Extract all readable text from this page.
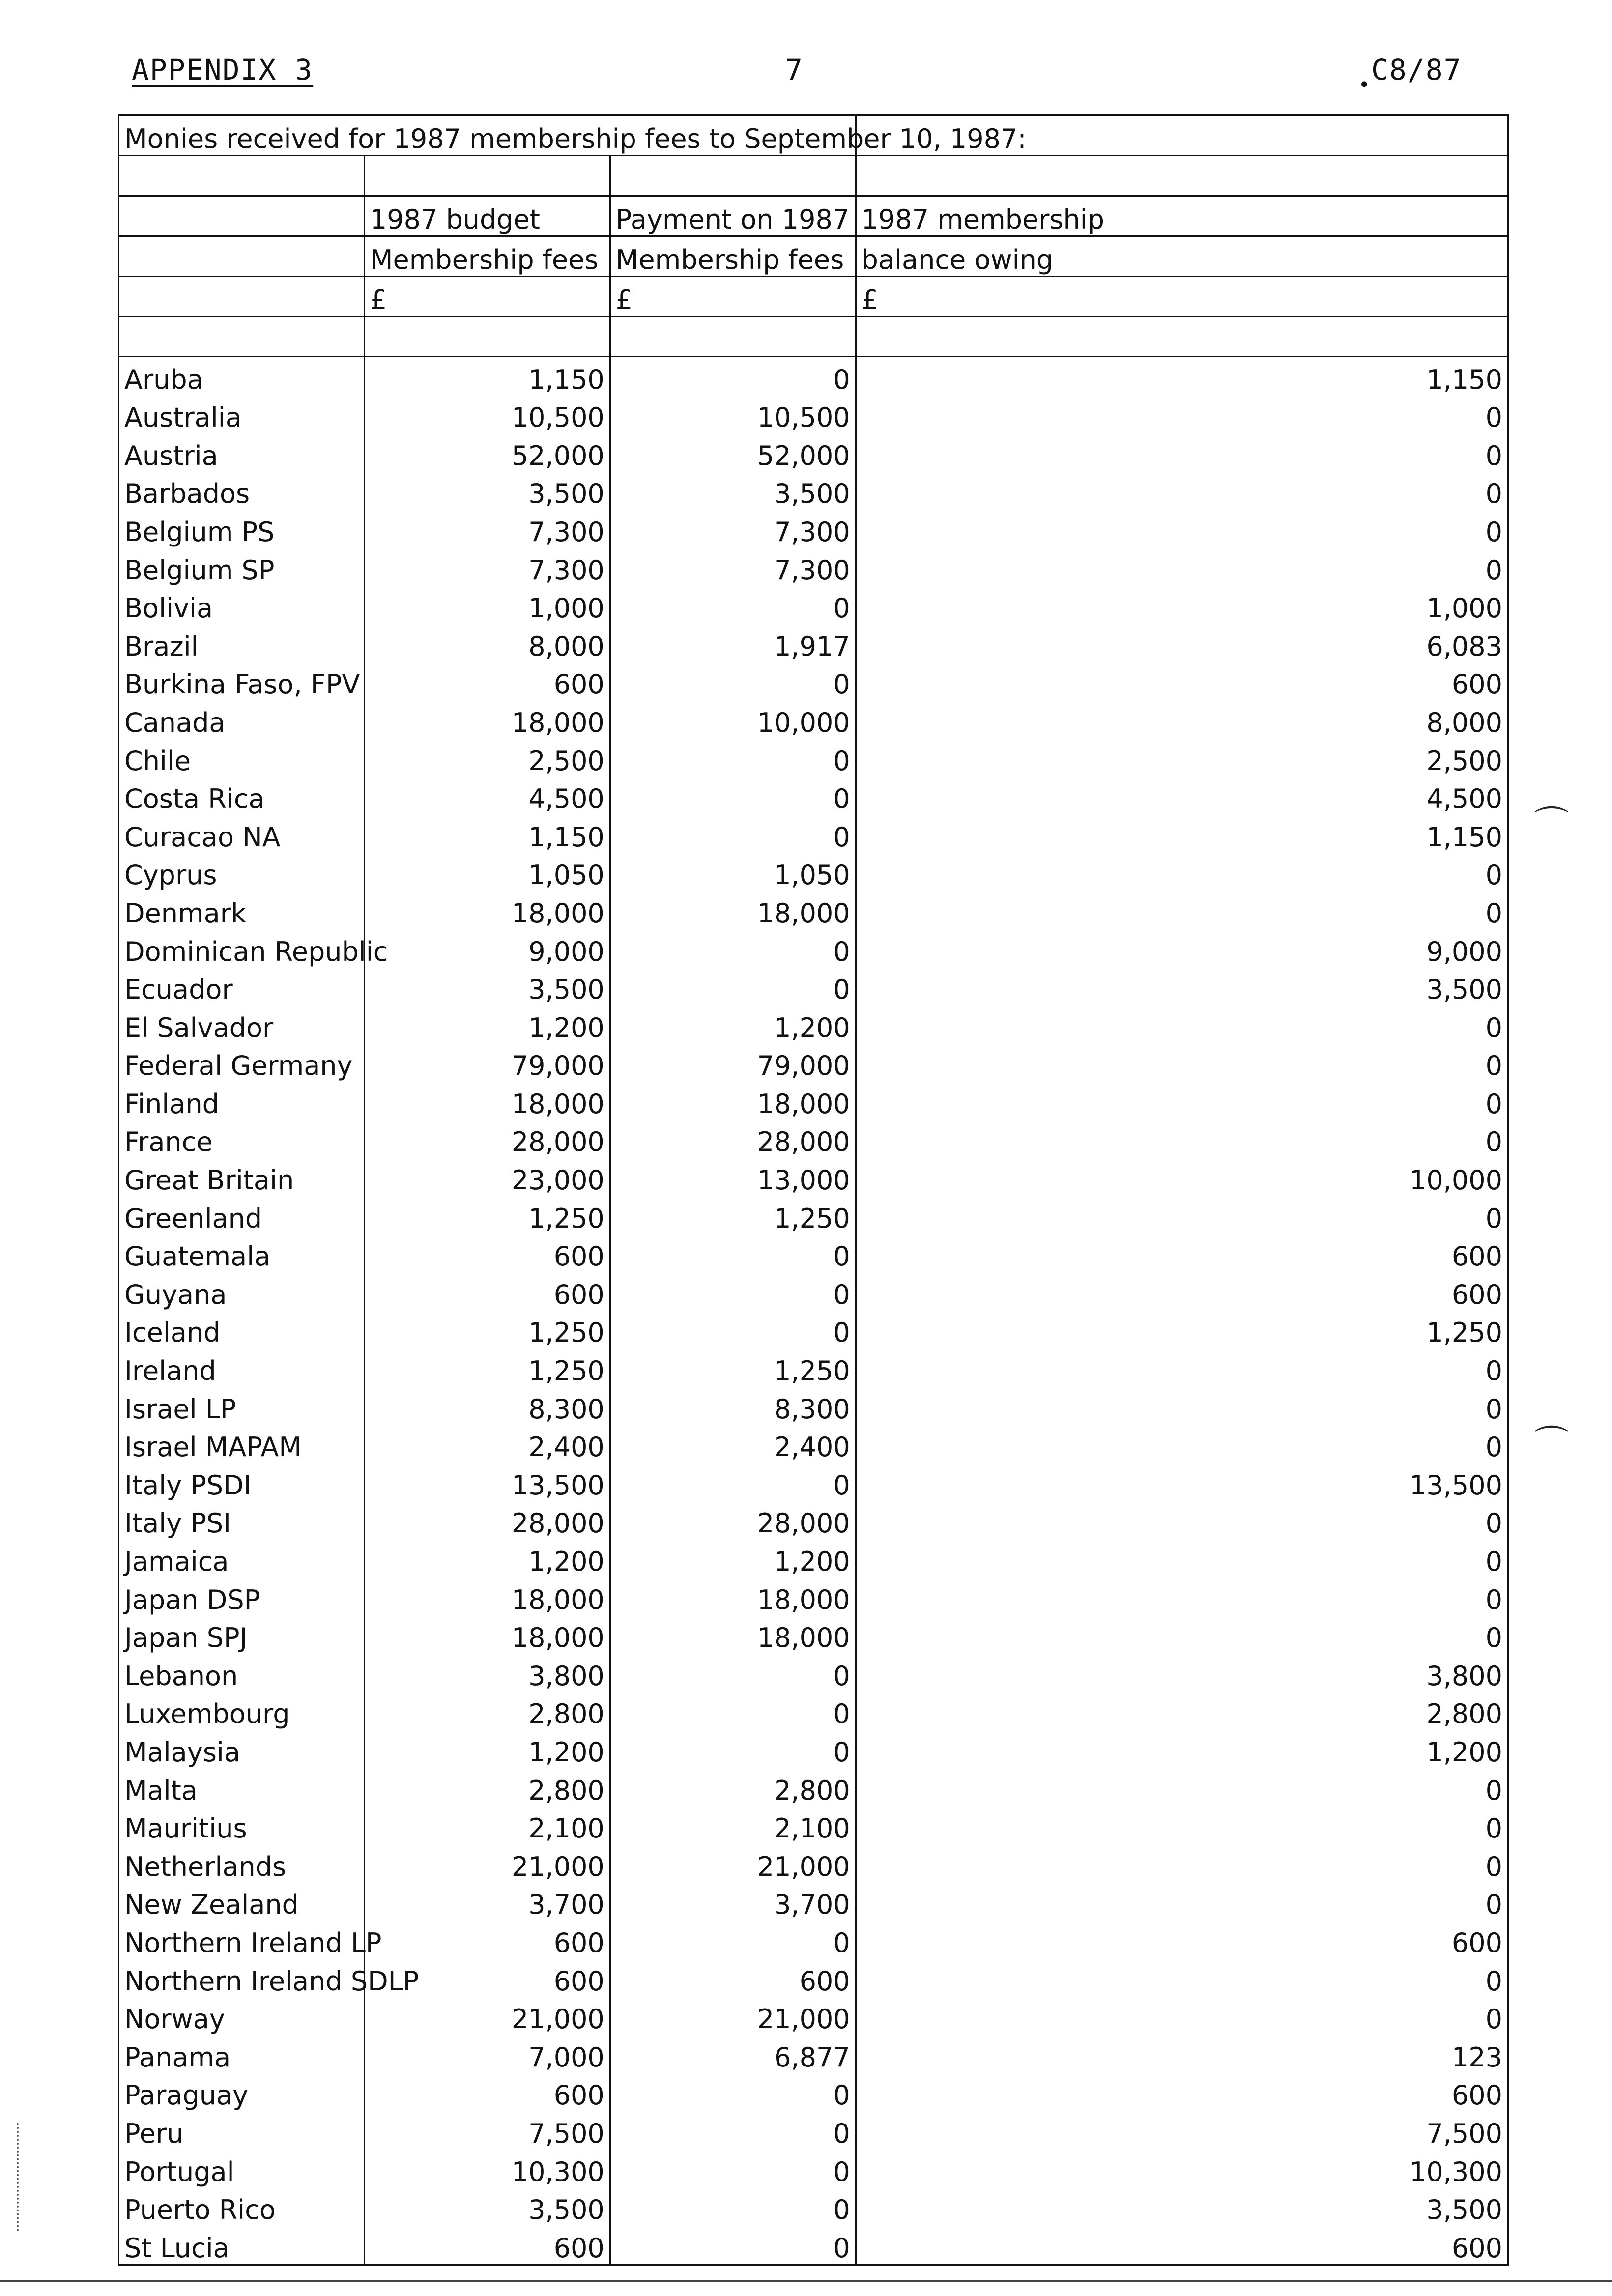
APPENDIX 3	7	• C8/87
Monies received for 1987 membership fees to September 10, 1987:			

	1987 budget	Payment on 1987	1987 membership
	Membership fees	Membership fees	balance owing
	£	£	£

Aruba	1,150	0	1,150
Australia	10,500	10,500	0
Austria	52,000	52,000	0
Barbados	3,500	3,500	0
Belgium PS	7,300	7,300	0
Belgium SP	7,300	7,300	0
Bolivia	1,000	0	1,000
Brazil	8,000	1,917	6,083
Burkina Faso, FPV	600	0	600
Canada	18,000	10,000	8,000
Chile	2,500	0	2,500
Costa Rica	4,500	0	4,500
Curacao NA	1,150	0	1,150
Cyprus	1,050	1,050	0
Denmark	18,000	18,000	0
Dominican Republic	9,000	0	9,000
Ecuador	3,500	0	3,500
El Salvador	1,200	1,200	0
Federal Germany	79,000	79,000	0
Finland	18,000	18,000	0
France	28,000	28,000	0
Great Britain	23,000	13,000	10,000
Greenland	1,250	1,250	0
Guatemala	600	0	600
Guyana	600	0	600
Iceland	1,250	0	1,250
Ireland	1,250	1,250	0
Israel LP	8,300	8,300	0
Israel MAPAM	2,400	2,400	0
Italy PSDI	13,500	0	13,500
Italy PSI	28,000	28,000	0
Jamaica	1,200	1,200	0
Japan DSP	18,000	18,000	0
Japan SPJ	18,000	18,000	0
Lebanon	3,800	0	3,800
Luxembourg	2,800	0	2,800
Malaysia	1,200	0	1,200
Malta	2,800	2,800	0
Mauritius	2,100	2,100	0
Netherlands	21,000	21,000	0
New Zealand	3,700	3,700	0
Northern Ireland LP	600	0	600
Northern Ireland SDLP	600	600	0
Norway	21,000	21,000	0
Panama	7,000	6,877	123
Paraguay	600	0	600
Peru	7,500	0	7,500
Portugal	10,300	0	10,300
Puerto Rico	3,500	0	3,500
St Lucia	600	0	600
⌒
⌒
